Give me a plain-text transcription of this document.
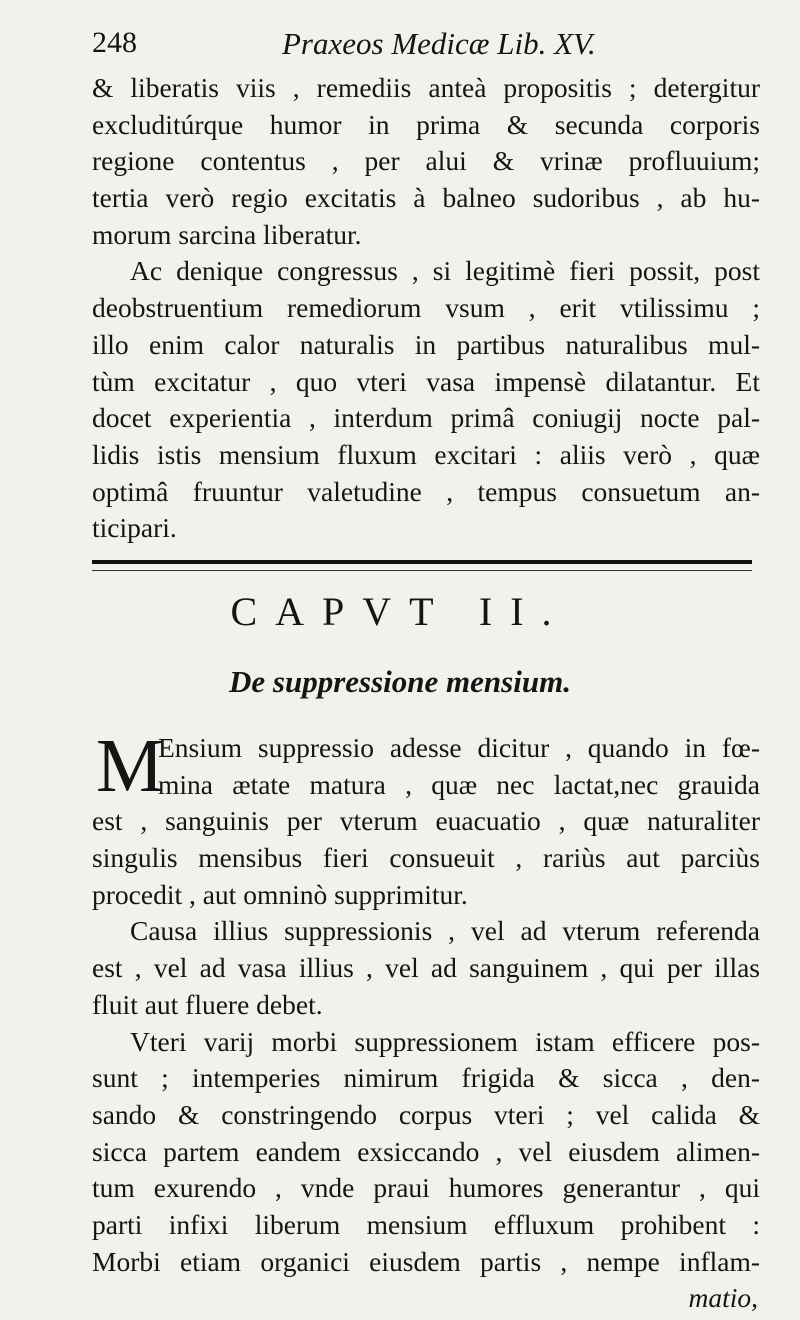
248	Praxeos Medicæ Lib. XV.
& liberatis viis , remediis anteà propositis ; detergitur
excluditúrque humor in prima & secunda corporis
regione contentus , per alui & vrinæ profluuium;
tertia verò regio excitatis à balneo sudoribus , ab hu-
morum sarcina liberatur.
Ac denique congressus , si legitimè fieri possit, post
deobstruentium remediorum vsum , erit vtilissimu ;
illo enim calor naturalis in partibus naturalibus mul-
tùm excitatur , quo vteri vasa impensè dilatantur. Et
docet experientia , interdum primâ coniugij nocte pal-
lidis istis mensium fluxum excitari : aliis verò , quæ
optimâ fruuntur valetudine , tempus consuetum an-
ticipari.
CAPVT II.
De suppressione mensium.
M
Ensium suppressio adesse dicitur , quando in fœ-
mina ætate matura , quæ nec lactat,nec grauida
est , sanguinis per vterum euacuatio , quæ naturaliter
singulis mensibus fieri consueuit , rariùs aut parciùs
procedit , aut omninò supprimitur.
Causa illius suppressionis , vel ad vterum referenda
est , vel ad vasa illius , vel ad sanguinem , qui per illas
fluit aut fluere debet.
Vteri varij morbi suppressionem istam efficere pos-
sunt ; intemperies nimirum frigida & sicca , den-
sando & constringendo corpus vteri ; vel calida &
sicca partem eandem exsiccando , vel eiusdem alimen-
tum exurendo , vnde praui humores generantur , qui
parti infixi liberum mensium effluxum prohibent :
Morbi etiam organici eiusdem partis , nempe inflam-
matio,
